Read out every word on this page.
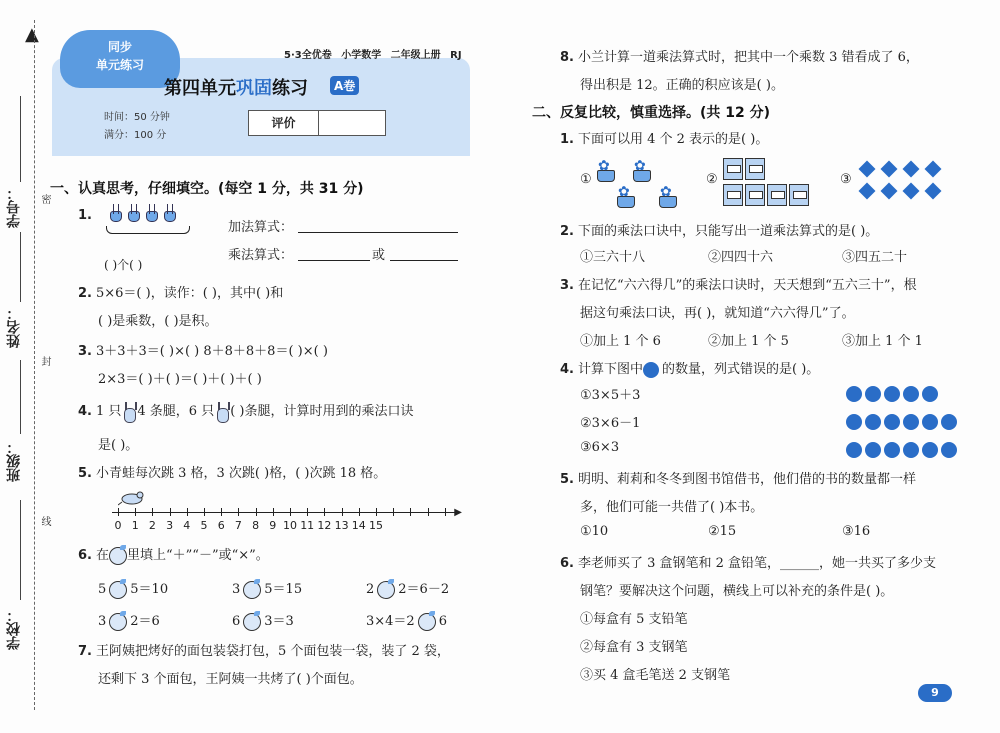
▲
学号：
姓名：
班级：
学校：
密
封
线
同步
单元练习
5·3全优卷 小学数学 二年级上册 RJ
第四单元巩固练习	A卷
时间：50 分钟
满分：100 分
评价
一、认真思考，仔细填空。(每空 1 分，共 31 分)
1.
( )个( )
加法算式：
乘法算式：	或
2. 5×6＝( )，读作：( )，其中( )和
( )是乘数，( )是积。
3. 3＋3＋3＝( )×( ) 8＋8＋8＋8＝( )×( )
2×3＝( )＋( )＝( )＋( )＋( )
4. 1 只 4 条腿，6 只 ( )条腿，计算时用到的乘法口诀
是( )。
5. 小青蛙每次跳 3 格，3 次跳( )格，( )次跳 18 格。
▶
0 1 2 3 4 5 6 7 8 9 10 11 12 13 14 15
6. 在 里填上“＋”“－”或“×”。
5 5＝10	3 5＝15	2 2＝6－2
3 2＝6	6 3＝3	3×4＝2 6
7. 王阿姨把烤好的面包装袋打包，5 个面包装一袋，装了 2 袋，
还剩下 3 个面包，王阿姨一共烤了( )个面包。
8. 小兰计算一道乘法算式时，把其中一个乘数 3 错看成了 6，
得出积是 12。正确的积应该是( )。
二、反复比较，慎重选择。(共 12 分)
1. 下面可以用 4 个 2 表示的是( )。
① ✿ ✿
✿✿	②	③

2. 下面的乘法口诀中，只能写出一道乘法算式的是( )。
①三六十八	②四四十六	③四五二十
3. 在记忆“六六得几”的乘法口诀时，天天想到“五六三十”，根
据这句乘法口诀，再( )，就知道“六六得几”了。
①加上 1 个 6	②加上 1 个 5	③加上 1 个 1
4. 计算下图中 的数量，列式错误的是( )。
①3×5＋3
②3×6－1
③6×3
5. 明明、莉莉和冬冬到图书馆借书，他们借的书的数量都一样
多，他们可能一共借了( )本书。
①10	②15	③16
6. 李老师买了 3 盒钢笔和 2 盒铅笔，______，她一共买了多少支
钢笔？要解决这个问题，横线上可以补充的条件是( )。
①每盒有 5 支铅笔
②每盒有 3 支钢笔
③买 4 盒毛笔送 2 支钢笔
9
